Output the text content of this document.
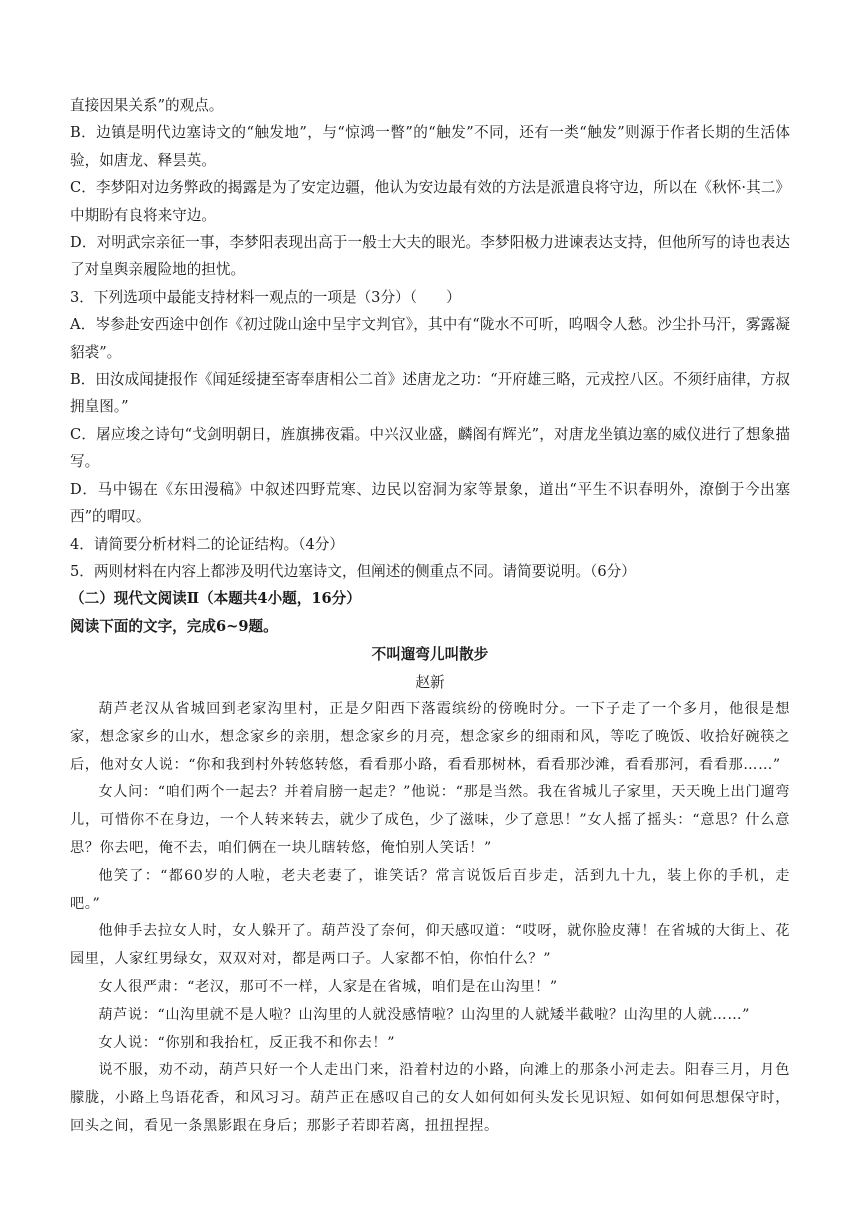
直接因果关系”的观点。

B．边镇是明代边塞诗文的“触发地”，与“惊鸿一瞥”的“触发”不同，还有一类“触发”则源于作者长期的生活体验，如唐龙、释昙英。

C．李梦阳对边务弊政的揭露是为了安定边疆，他认为安边最有效的方法是派遣良将守边，所以在《秋怀·其二》中期盼有良将来守边。

D．对明武宗亲征一事，李梦阳表现出高于一般士大夫的眼光。李梦阳极力进谏表达支持，但他所写的诗也表达了对皇舆亲履险地的担忧。

3．下列选项中最能支持材料一观点的一项是（3分）（　　）

A．岑参赴安西途中创作《初过陇山途中呈宇文判官》，其中有“陇水不可听，呜咽令人愁。沙尘扑马汗，雾露凝貂裘”。

B．田汝成闻捷报作《闻延绥捷至寄奉唐相公二首》述唐龙之功：“开府雄三略，元戎控八区。不须纡庙律，方叔拥皇图。”

C．屠应埈之诗句“戈剑明朝日，旌旗拂夜霜。中兴汉业盛，麟阁有辉光”，对唐龙坐镇边塞的威仪进行了想象描写。

D．马中锡在《东田漫稿》中叙述四野荒寒、边民以窑洞为家等景象，道出“平生不识春明外，潦倒于今出塞西”的喟叹。

4．请简要分析材料二的论证结构。（4分）

5．两则材料在内容上都涉及明代边塞诗文，但阐述的侧重点不同。请简要说明。（6分）

（二）现代文阅读Ⅱ（本题共4小题，16分）

阅读下面的文字，完成6~9题。

不叫遛弯儿叫散步

赵新

葫芦老汉从省城回到老家沟里村，正是夕阳西下落霞缤纷的傍晚时分。一下子走了一个多月，他很是想家，想念家乡的山水，想念家乡的亲朋，想念家乡的月亮，想念家乡的细雨和风，等吃了晚饭、收拾好碗筷之后，他对女人说：“你和我到村外转悠转悠，看看那小路，看看那树林，看看那沙滩，看看那河，看看那……”

女人问：“咱们两个一起去？并着肩膀一起走？”他说：“那是当然。我在省城儿子家里，天天晚上出门遛弯儿，可惜你不在身边，一个人转来转去，就少了成色，少了滋味，少了意思！”女人摇了摇头：“意思？什么意思？你去吧，俺不去，咱们俩在一块儿瞎转悠，俺怕别人笑话！”

他笑了：“都60岁的人啦，老夫老妻了，谁笑话？常言说饭后百步走，活到九十九，装上你的手机，走吧。”

他伸手去拉女人时，女人躲开了。葫芦没了奈何，仰天感叹道：“哎呀，就你脸皮薄！在省城的大街上、花园里，人家红男绿女，双双对对，都是两口子。人家都不怕，你怕什么？”

女人很严肃：“老汉，那可不一样，人家是在省城，咱们是在山沟里！”

葫芦说：“山沟里就不是人啦？山沟里的人就没感情啦？山沟里的人就矮半截啦？山沟里的人就……”

女人说：“你别和我抬杠，反正我不和你去！”

说不服，劝不动，葫芦只好一个人走出门来，沿着村边的小路，向滩上的那条小河走去。阳春三月，月色朦胧，小路上鸟语花香，和风习习。葫芦正在感叹自己的女人如何如何头发长见识短、如何如何思想保守时，回头之间，看见一条黑影跟在身后；那影子若即若离，扭扭捏捏。
